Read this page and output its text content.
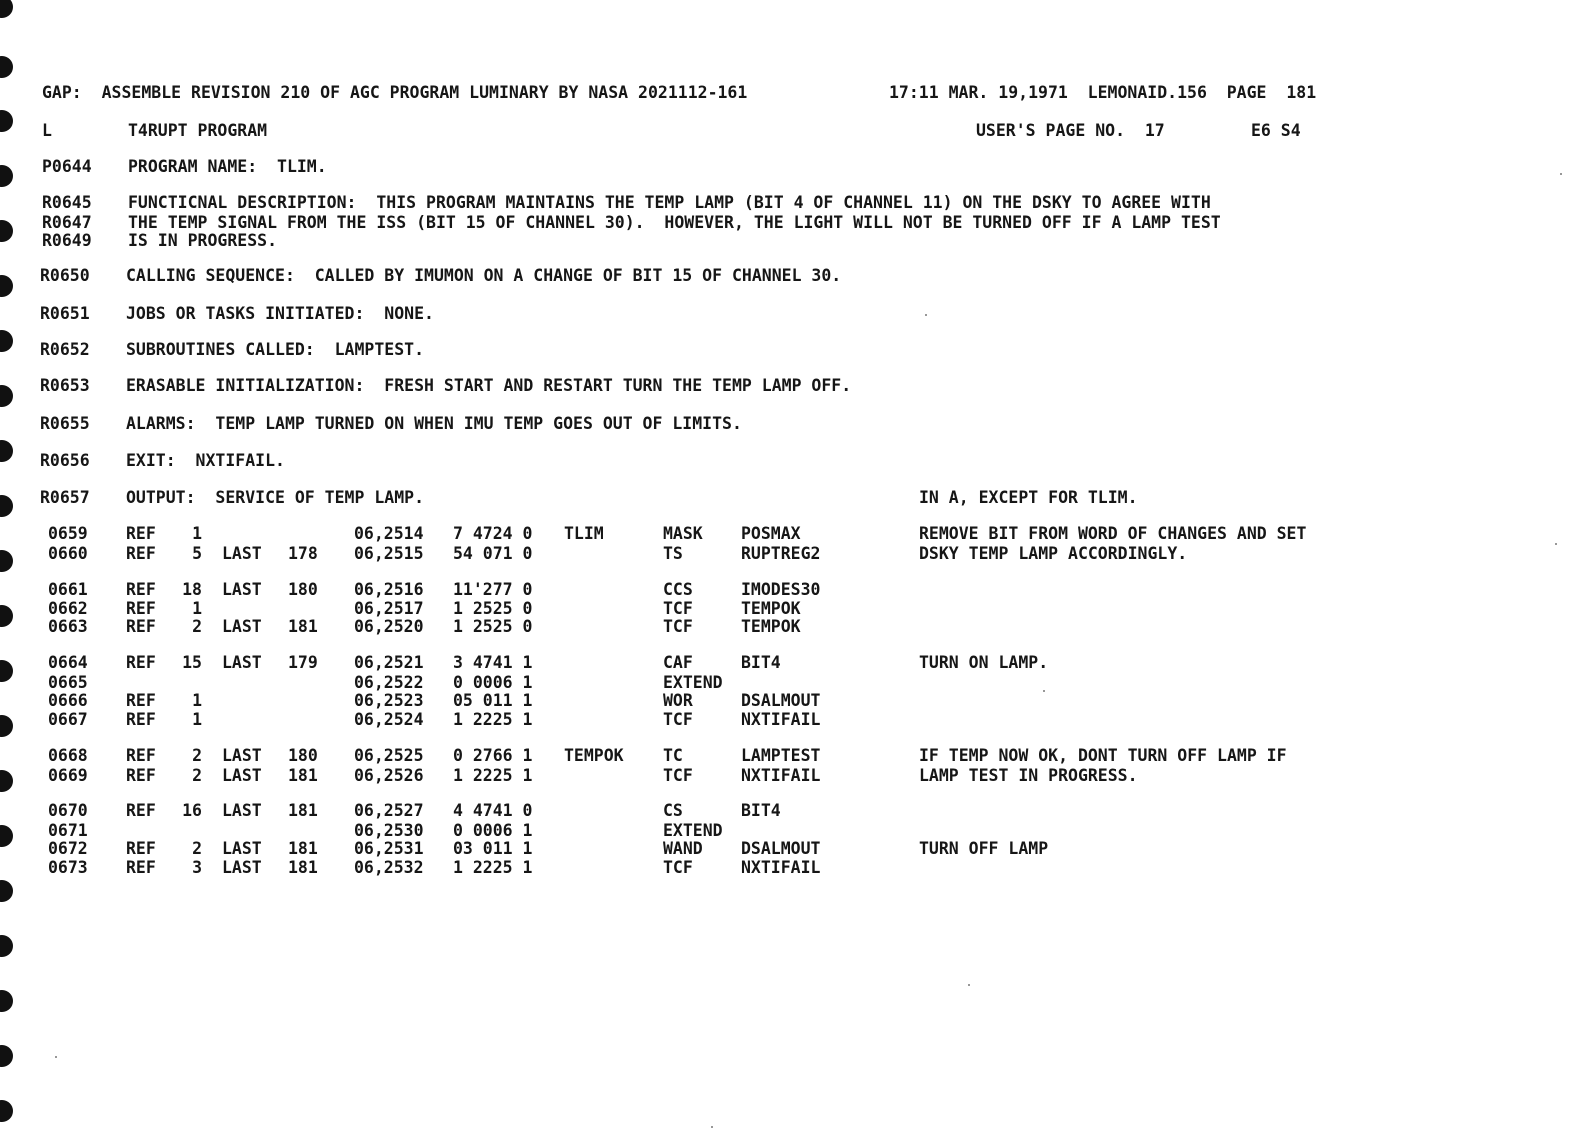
GAP:  ASSEMBLE REVISION 210 OF AGC PROGRAM LUMINARY BY NASA 2021112-161	17:11 MAR. 19,1971  LEMONAID.156  PAGE  181
L	T4RUPT PROGRAM	USER'S PAGE NO.  17	E6 S4
P0644 PROGRAM NAME:  TLIM.
R0645 FUNCTICNAL DESCRIPTION:  THIS PROGRAM MAINTAINS THE TEMP LAMP (BIT 4 OF CHANNEL 11) ON THE DSKY TO AGREE WITH
R0647 THE TEMP SIGNAL FROM THE ISS (BIT 15 OF CHANNEL 30).  HOWEVER, THE LIGHT WILL NOT BE TURNED OFF IF A LAMP TEST
R0649 IS IN PROGRESS.
R0650 CALLING SEQUENCE:  CALLED BY IMUMON ON A CHANGE OF BIT 15 OF CHANNEL 30.
R0651 JOBS OR TASKS INITIATED:  NONE.
R0652 SUBROUTINES CALLED:  LAMPTEST.
R0653 ERASABLE INITIALIZATION:  FRESH START AND RESTART TURN THE TEMP LAMP OFF.
R0655 ALARMS:  TEMP LAMP TURNED ON WHEN IMU TEMP GOES OUT OF LIMITS.
R0656 EXIT:  NXTIFAIL.
R0657 OUTPUT:  SERVICE OF TEMP LAMP.	IN A, EXCEPT FOR TLIM.
0659 REF	1	06,2514 7 4724 0 TLIM	MASK POSMAX	REMOVE BIT FROM WORD OF CHANGES AND SET
0660 REF	5 LAST 178 06,2515 54 071 0	TS	RUPTREG2	DSKY TEMP LAMP ACCORDINGLY.
0661 REF	18 LAST 180 06,2516 11'277 0	CCS	IMODES30
0662 REF	1	06,2517 1 2525 0	TCF	TEMPOK
0663 REF	2 LAST 181 06,2520 1 2525 0	TCF	TEMPOK
0664 REF	15 LAST 179 06,2521 3 4741 1	CAF	BIT4	TURN ON LAMP.
0665	06,2522 0 0006 1	EXTEND
0666 REF	1	06,2523 05 011 1	WOR	DSALMOUT
0667 REF	1	06,2524 1 2225 1	TCF	NXTIFAIL
0668 REF	2 LAST 180 06,2525 0 2766 1 TEMPOK TC	LAMPTEST	IF TEMP NOW OK, DONT TURN OFF LAMP IF
0669 REF	2 LAST 181 06,2526 1 2225 1	TCF	NXTIFAIL	LAMP TEST IN PROGRESS.
0670 REF	16 LAST 181 06,2527 4 4741 0	CS	BIT4
0671	06,2530 0 0006 1	EXTEND
0672 REF	2 LAST 181 06,2531 03 011 1	WAND DSALMOUT	TURN OFF LAMP
0673 REF	3 LAST 181 06,2532 1 2225 1	TCF	NXTIFAIL
